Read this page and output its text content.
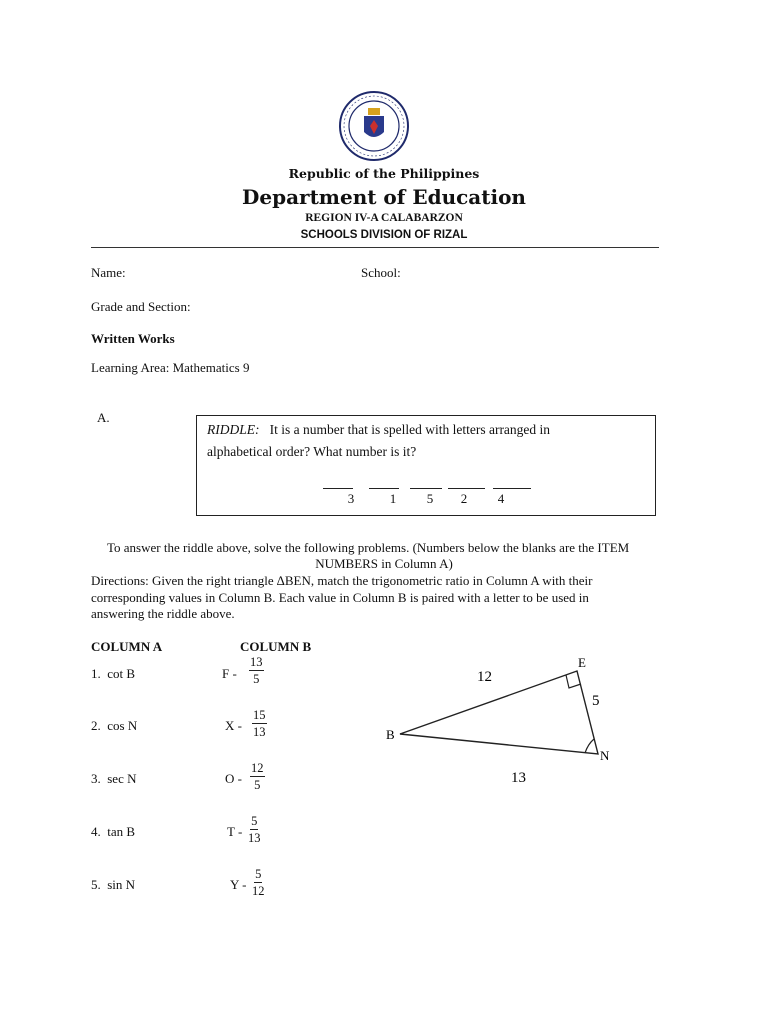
Republic of the Philippines
Department of Education
REGION IV-A CALABARZON
SCHOOLS DIVISION OF RIZAL
Name:	School:
Grade and Section:
Written Works
Learning Area: Mathematics 9
A.
RIDDLE: It is a number that is spelled with letters arranged in
alphabetical order? What number is it?
3	1	5	2	4
To answer the riddle above, solve the following problems. (Numbers below the blanks are the ITEM
NUMBERS in Column A)
Directions: Given the right triangle ∆BEN, match the trigonometric ratio in Column A with their
corresponding values in Column B. Each value in Column B is paired with a letter to be used in
answering the riddle above.
COLUMN A	COLUMN B
1. cot B	F - $\frac{13}{5}$
2. cos N	X - $\frac{15}{13}$
3. sec N	O - $\frac{12}{5}$
4. tan B	T - $\frac{5}{13}$
5. sin N	Y - $\frac{5}{12}$
B
E
N
12
5
13
